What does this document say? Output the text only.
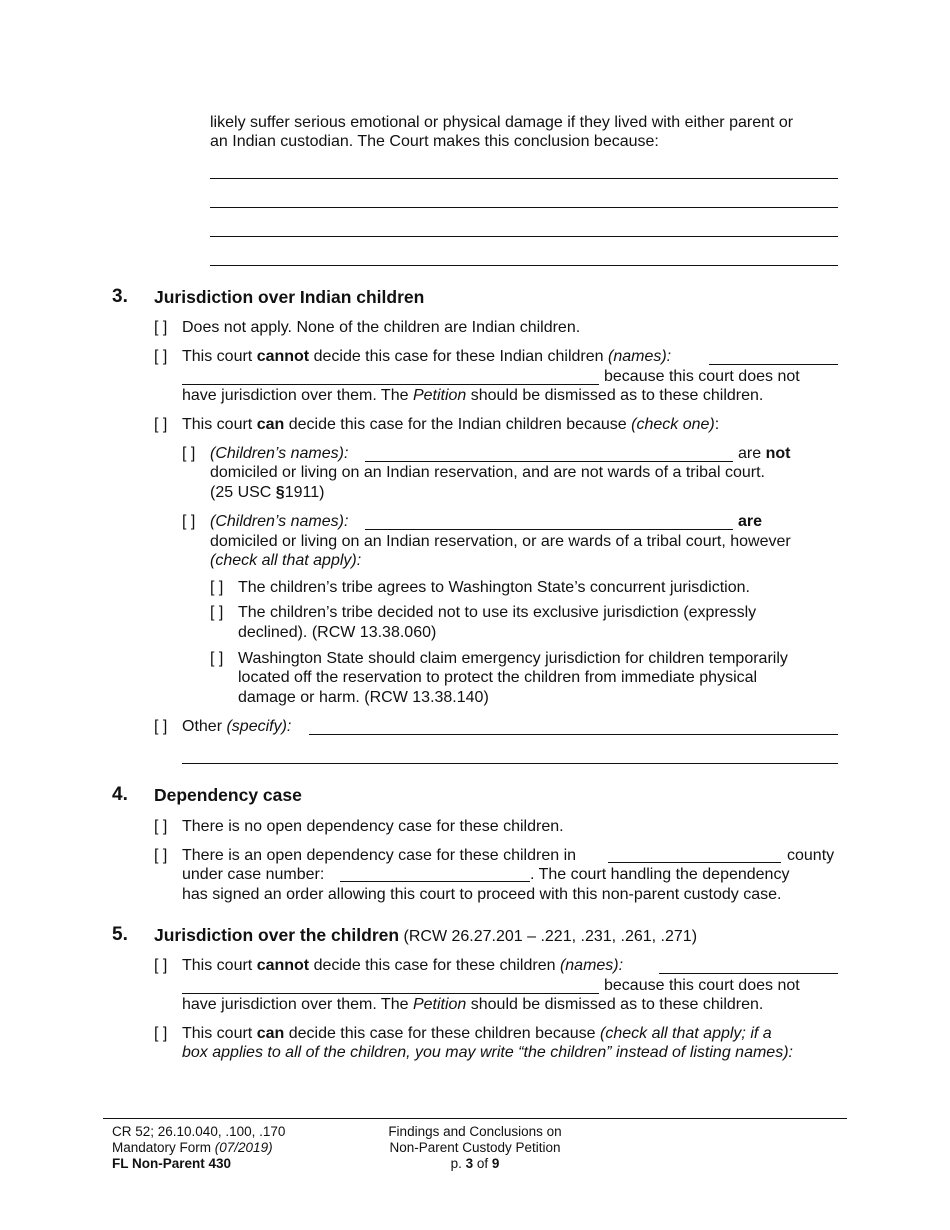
likely suffer serious emotional or physical damage if they lived with either parent or
an Indian custodian. The Court makes this conclusion because:
3. Jurisdiction over Indian children
[ ] Does not apply. None of the children are Indian children.
[ ] This court cannot decide this case for these Indian children (names):
because this court does not
have jurisdiction over them. The Petition should be dismissed as to these children.
[ ] This court can decide this case for the Indian children because (check one):
[ ] (Children’s names):	are not
domiciled or living on an Indian reservation, and are not wards of a tribal court.
(25 USC §1911)
[ ] (Children’s names):	are
domiciled or living on an Indian reservation, or are wards of a tribal court, however
(check all that apply):
[ ] The children’s tribe agrees to Washington State’s concurrent jurisdiction.
[ ] The children’s tribe decided not to use its exclusive jurisdiction (expressly
declined). (RCW 13.38.060)
[ ] Washington State should claim emergency jurisdiction for children temporarily
located off the reservation to protect the children from immediate physical
damage or harm. (RCW 13.38.140)
[ ] Other (specify):
4. Dependency case
[ ] There is no open dependency case for these children.
[ ] There is an open dependency case for these children in	county
under case number:	. The court handling the dependency
has signed an order allowing this court to proceed with this non-parent custody case.
5. Jurisdiction over the children (RCW 26.27.201 – .221, .231, .261, .271)
[ ] This court cannot decide this case for these children (names):
because this court does not
have jurisdiction over them. The Petition should be dismissed as to these children.
[ ] This court can decide this case for these children because (check all that apply; if a
box applies to all of the children, you may write “the children” instead of listing names):
CR 52; 26.10.040, .100, .170
Mandatory Form (07/2019)
FL Non-Parent 430
Findings and Conclusions on
Non-Parent Custody Petition
p. 3 of 9
